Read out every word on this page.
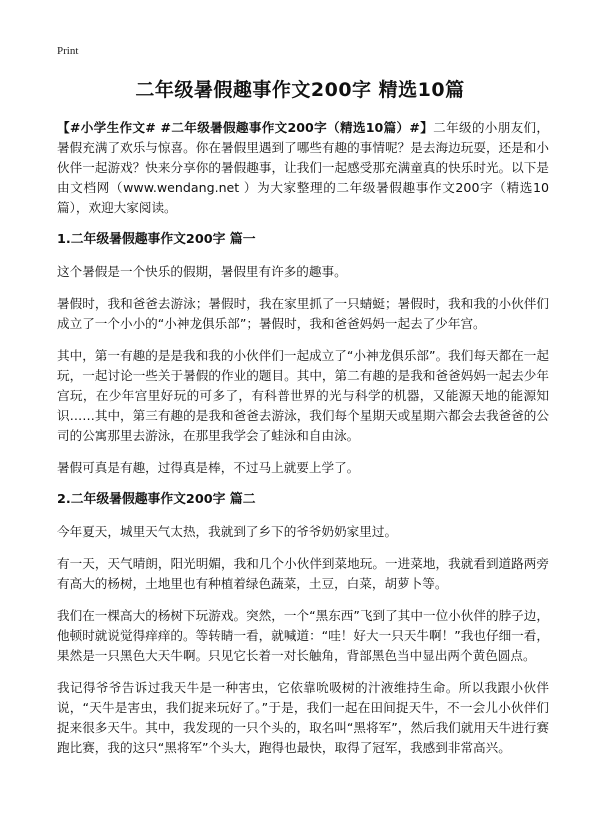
Print
二年级暑假趣事作文200字 精选10篇

【#小学生作文# #二年级暑假趣事作文200字（精选10篇）#】二年级的小朋友们，暑假充满了欢乐与惊喜。你在暑假里遇到了哪些有趣的事情呢？是去海边玩耍，还是和小伙伴一起游戏？快来分享你的暑假趣事，让我们一起感受那充满童真的快乐时光。以下是由文档网（www.wendang.net ）为大家整理的二年级暑假趣事作文200字（精选10篇），欢迎大家阅读。

1.二年级暑假趣事作文200字 篇一

这个暑假是一个快乐的假期，暑假里有许多的趣事。

暑假时，我和爸爸去游泳；暑假时，我在家里抓了一只蜻蜓；暑假时，我和我的小伙伴们成立了一个小小的“小神龙俱乐部”；暑假时，我和爸爸妈妈一起去了少年宫。

其中，第一有趣的是是我和我的小伙伴们一起成立了“小神龙俱乐部”。我们每天都在一起玩，一起讨论一些关于暑假的作业的题目。其中，第二有趣的是我和爸爸妈妈一起去少年宫玩，在少年宫里好玩的可多了，有科普世界的光与科学的机器，又能源天地的能源知识……其中，第三有趣的是我和爸爸去游泳，我们每个星期天或星期六都会去我爸爸的公司的公寓那里去游泳，在那里我学会了蛙泳和自由泳。

暑假可真是有趣，过得真是棒，不过马上就要上学了。

2.二年级暑假趣事作文200字 篇二

今年夏天，城里天气太热，我就到了乡下的爷爷奶奶家里过。

有一天，天气晴朗，阳光明媚，我和几个小伙伴到菜地玩。一进菜地，我就看到道路两旁有高大的杨树，土地里也有种植着绿色蔬菜，土豆，白菜，胡萝卜等。

我们在一棵高大的杨树下玩游戏。突然，一个“黑东西”飞到了其中一位小伙伴的脖子边，他顿时就说觉得痒痒的。等转睛一看，就喊道：“哇！好大一只天牛啊！”我也仔细一看，果然是一只黑色大天牛啊。只见它长着一对长触角，背部黑色当中显出两个黄色圆点。

我记得爷爷告诉过我天牛是一种害虫，它依靠吮吸树的汁液维持生命。所以我跟小伙伴说，“天牛是害虫，我们捉来玩好了。”于是，我们一起在田间捉天牛，不一会儿小伙伴们捉来很多天牛。其中，我发现的一只个头的，取名叫“黑将军”，然后我们就用天牛进行赛跑比赛，我的这只“黑将军”个头大，跑得也最快，取得了冠军，我感到非常高兴。
